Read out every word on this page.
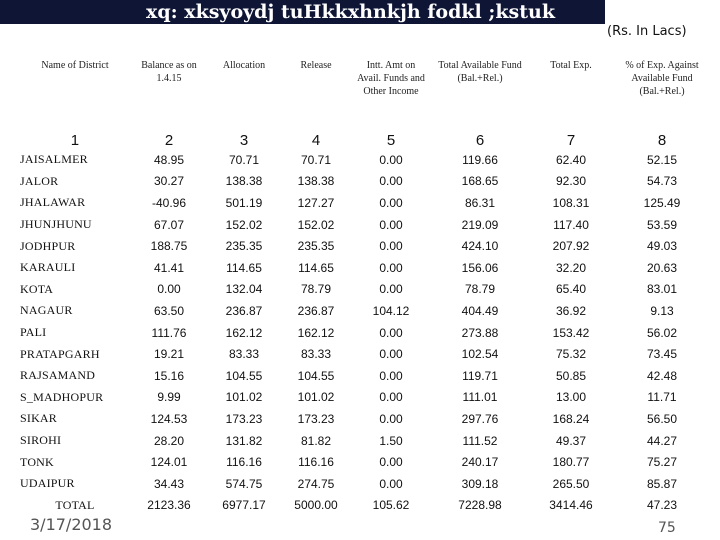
xq: xksyoydj tuHkkxhnkjh fodkl ;kstuk
(Rs. In Lacs)
Name of District	Balance as on 1.4.15	Allocation	Release	Intt. Amt on Avail. Funds and Other Income	Total Available Fund (Bal.+Rel.)	Total Exp.	% of Exp. Against Available Fund (Bal.+Rel.)
1	2	3	4	5	6	7	8
JAISALMER	48.95	70.71	70.71	0.00	119.66	62.40	52.15
JALOR	30.27	138.38	138.38	0.00	168.65	92.30	54.73
JHALAWAR	-40.96	501.19	127.27	0.00	86.31	108.31	125.49
JHUNJHUNU	67.07	152.02	152.02	0.00	219.09	117.40	53.59
JODHPUR	188.75	235.35	235.35	0.00	424.10	207.92	49.03
KARAULI	41.41	114.65	114.65	0.00	156.06	32.20	20.63
KOTA	0.00	132.04	78.79	0.00	78.79	65.40	83.01
NAGAUR	63.50	236.87	236.87	104.12	404.49	36.92	9.13
PALI	111.76	162.12	162.12	0.00	273.88	153.42	56.02
PRATAPGARH	19.21	83.33	83.33	0.00	102.54	75.32	73.45
RAJSAMAND	15.16	104.55	104.55	0.00	119.71	50.85	42.48
S_MADHOPUR	9.99	101.02	101.02	0.00	111.01	13.00	11.71
SIKAR	124.53	173.23	173.23	0.00	297.76	168.24	56.50
SIROHI	28.20	131.82	81.82	1.50	111.52	49.37	44.27
TONK	124.01	116.16	116.16	0.00	240.17	180.77	75.27
UDAIPUR	34.43	574.75	274.75	0.00	309.18	265.50	85.87
TOTAL	2123.36	6977.17	5000.00	105.62	7228.98	3414.46	47.23
3/17/2018	75
